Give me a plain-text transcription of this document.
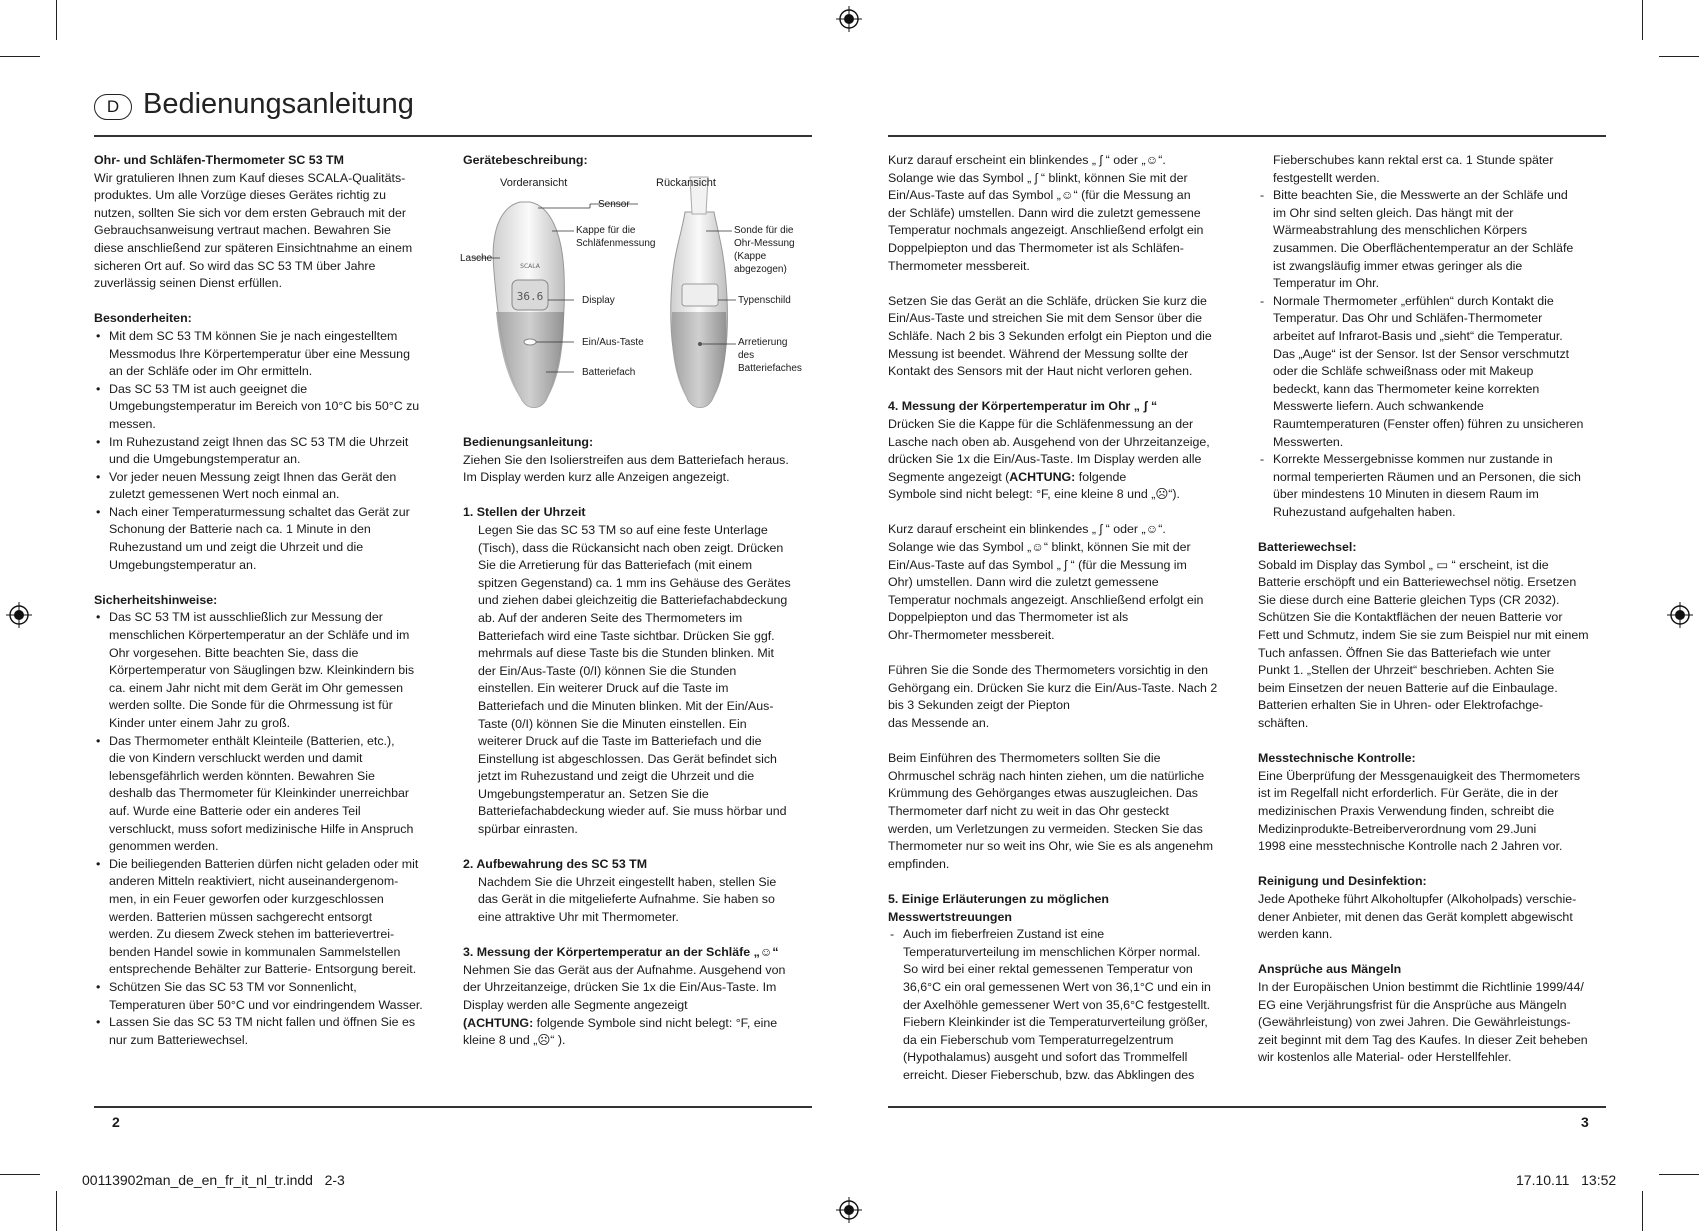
D Bedienungsanleitung

Ohr- und Schläfen-Thermometer SC 53 TM

Wir gratulieren Ihnen zum Kauf dieses SCALA-Qualitäts-

produktes. Um alle Vorzüge dieses Gerätes richtig zu

nutzen, sollten Sie sich vor dem ersten Gebrauch mit der

Gebrauchsanweisung vertraut machen. Bewahren Sie

diese anschließend zur späteren Einsichtnahme an einem

sicheren Ort auf. So wird das SC 53 TM über Jahre

zuverlässig seinen Dienst erfüllen.

Besonderheiten:

• Mit dem SC 53 TM können Sie je nach eingestelltem

Messmodus Ihre Körpertemperatur über eine Messung

an der Schläfe oder im Ohr ermitteln.

• Das SC 53 TM ist auch geeignet die

Umgebungstemperatur im Bereich von 10°C bis 50°C zu

messen.

• Im Ruhezustand zeigt Ihnen das SC 53 TM die Uhrzeit

und die Umgebungstemperatur an.

• Vor jeder neuen Messung zeigt Ihnen das Gerät den

zuletzt gemessenen Wert noch einmal an.

• Nach einer Temperaturmessung schaltet das Gerät zur

Schonung der Batterie nach ca. 1 Minute in den

Ruhezustand um und zeigt die Uhrzeit und die

Umgebungstemperatur an.

Sicherheitshinweise:

• Das SC 53 TM ist ausschließlich zur Messung der

menschlichen Körpertemperatur an der Schläfe und im

Ohr vorgesehen. Bitte beachten Sie, dass die

Körpertemperatur von Säuglingen bzw. Kleinkindern bis

ca. einem Jahr nicht mit dem Gerät im Ohr gemessen

werden sollte. Die Sonde für die Ohrmessung ist für

Kinder unter einem Jahr zu groß.

• Das Thermometer enthält Kleinteile (Batterien, etc.),

die von Kindern verschluckt werden und damit

lebensgefährlich werden könnten. Bewahren Sie

deshalb das Thermometer für Kleinkinder unerreichbar

auf. Wurde eine Batterie oder ein anderes Teil

verschluckt, muss sofort medizinische Hilfe in Anspruch

genommen werden.

• Die beiliegenden Batterien dürfen nicht geladen oder mit

anderen Mitteln reaktiviert, nicht auseinandergenom-

men, in ein Feuer geworfen oder kurzgeschlossen

werden. Batterien müssen sachgerecht entsorgt

werden. Zu diesem Zweck stehen im batterievertrei-

benden Handel sowie in kommunalen Sammelstellen

entsprechende Behälter zur Batterie- Entsorgung bereit.

• Schützen Sie das SC 53 TM vor Sonnenlicht,

Temperaturen über 50°C und vor eindringendem Wasser.

• Lassen Sie das SC 53 TM nicht fallen und öffnen Sie es

nur zum Batteriewechsel.

Gerätebeschreibung:

36.6
SCALA
Vorderansicht	Rückansicht
Sensor
Kappe für die
Schläfenmessung
Lasche
Display
Ein/Aus-Taste
Batteriefach
Sonde für die
Ohr-Messung
(Kappe
abgezogen)
Typenschild
Arretierung
des
Batteriefaches

Bedienungsanleitung:

Ziehen Sie den Isolierstreifen aus dem Batteriefach heraus.

Im Display werden kurz alle Anzeigen angezeigt.

1. Stellen der Uhrzeit

Legen Sie das SC 53 TM so auf eine feste Unterlage

(Tisch), dass die Rückansicht nach oben zeigt. Drücken

Sie die Arretierung für das Batteriefach (mit einem

spitzen Gegenstand) ca. 1 mm ins Gehäuse des Gerätes

und ziehen dabei gleichzeitig die Batteriefachabdeckung

ab. Auf der anderen Seite des Thermometers im

Batteriefach wird eine Taste sichtbar. Drücken Sie ggf.

mehrmals auf diese Taste bis die Stunden blinken. Mit

der Ein/Aus-Taste (0/I) können Sie die Stunden

einstellen. Ein weiterer Druck auf die Taste im

Batteriefach und die Minuten blinken. Mit der Ein/Aus-

Taste (0/I) können Sie die Minuten einstellen. Ein

weiterer Druck auf die Taste im Batteriefach und die

Einstellung ist abgeschlossen. Das Gerät befindet sich

jetzt im Ruhezustand und zeigt die Uhrzeit und die

Umgebungstemperatur an. Setzen Sie die

Batteriefachabdeckung wieder auf. Sie muss hörbar und

spürbar einrasten.

2. Aufbewahrung des SC 53 TM

Nachdem Sie die Uhrzeit eingestellt haben, stellen Sie

das Gerät in die mitgelieferte Aufnahme. Sie haben so

eine attraktive Uhr mit Thermometer.

3. Messung der Körpertemperatur an der Schläfe „☺“

Nehmen Sie das Gerät aus der Aufnahme. Ausgehend von

der Uhrzeitanzeige, drücken Sie 1x die Ein/Aus-Taste. Im

Display werden alle Segmente angezeigt

(ACHTUNG: folgende Symbole sind nicht belegt: °F, eine

kleine 8 und „☹“ ).

Kurz darauf erscheint ein blinkendes „ ʃ “ oder „☺“.

Solange wie das Symbol „ ʃ “ blinkt, können Sie mit der

Ein/Aus-Taste auf das Symbol „☺“ (für die Messung an

der Schläfe) umstellen. Dann wird die zuletzt gemessene

Temperatur nochmals angezeigt. Anschließend erfolgt ein

Doppelpiepton und das Thermometer ist als Schläfen-

Thermometer messbereit.

Setzen Sie das Gerät an die Schläfe, drücken Sie kurz die

Ein/Aus-Taste und streichen Sie mit dem Sensor über die

Schläfe. Nach 2 bis 3 Sekunden erfolgt ein Piepton und die

Messung ist beendet. Während der Messung sollte der

Kontakt des Sensors mit der Haut nicht verloren gehen.

4. Messung der Körpertemperatur im Ohr „ ʃ “

Drücken Sie die Kappe für die Schläfenmessung an der

Lasche nach oben ab. Ausgehend von der Uhrzeitanzeige,

drücken Sie 1x die Ein/Aus-Taste. Im Display werden alle

Segmente angezeigt (ACHTUNG: folgende

Symbole sind nicht belegt: °F, eine kleine 8 und „☹“).

Kurz darauf erscheint ein blinkendes „ ʃ “ oder „☺“.

Solange wie das Symbol „☺“ blinkt, können Sie mit der

Ein/Aus-Taste auf das Symbol „ ʃ “ (für die Messung im

Ohr) umstellen. Dann wird die zuletzt gemessene

Temperatur nochmals angezeigt. Anschließend erfolgt ein

Doppelpiepton und das Thermometer ist als

Ohr-Thermometer messbereit.

Führen Sie die Sonde des Thermometers vorsichtig in den

Gehörgang ein. Drücken Sie kurz die Ein/Aus-Taste. Nach 2

bis 3 Sekunden zeigt der Piepton

das Messende an.

Beim Einführen des Thermometers sollten Sie die

Ohrmuschel schräg nach hinten ziehen, um die natürliche

Krümmung des Gehörganges etwas auszugleichen. Das

Thermometer darf nicht zu weit in das Ohr gesteckt

werden, um Verletzungen zu vermeiden. Stecken Sie das

Thermometer nur so weit ins Ohr, wie Sie es als angenehm

empfinden.

5. Einige Erläuterungen zu möglichen

Messwertstreuungen

- Auch im fieberfreien Zustand ist eine

Temperaturverteilung im menschlichen Körper normal.

So wird bei einer rektal gemessenen Temperatur von

36,6°C ein oral gemessenen Wert von 36,1°C und ein in

der Axelhöhle gemessener Wert von 35,6°C festgestellt.

Fiebern Kleinkinder ist die Temperaturverteilung größer,

da ein Fieberschub vom Temperaturregelzentrum

(Hypothalamus) ausgeht und sofort das Trommelfell

erreicht. Dieser Fieberschub, bzw. das Abklingen des

Fieberschubes kann rektal erst ca. 1 Stunde später

festgestellt werden.

- Bitte beachten Sie, die Messwerte an der Schläfe und

im Ohr sind selten gleich. Das hängt mit der

Wärmeabstrahlung des menschlichen Körpers

zusammen. Die Oberflächentemperatur an der Schläfe

ist zwangsläufig immer etwas geringer als die

Temperatur im Ohr.

- Normale Thermometer „erfühlen“ durch Kontakt die

Temperatur. Das Ohr und Schläfen-Thermometer

arbeitet auf Infrarot-Basis und „sieht“ die Temperatur.

Das „Auge“ ist der Sensor. Ist der Sensor verschmutzt

oder die Schläfe schweißnass oder mit Makeup

bedeckt, kann das Thermometer keine korrekten

Messwerte liefern. Auch schwankende

Raumtemperaturen (Fenster offen) führen zu unsicheren

Messwerten.

- Korrekte Messergebnisse kommen nur zustande in

normal temperierten Räumen und an Personen, die sich

über mindestens 10 Minuten in diesem Raum im

Ruhezustand aufgehalten haben.

Batteriewechsel:

Sobald im Display das Symbol „ ▭ “ erscheint, ist die

Batterie erschöpft und ein Batteriewechsel nötig. Ersetzen

Sie diese durch eine Batterie gleichen Typs (CR 2032).

Schützen Sie die Kontaktflächen der neuen Batterie vor

Fett und Schmutz, indem Sie sie zum Beispiel nur mit einem

Tuch anfassen. Öffnen Sie das Batteriefach wie unter

Punkt 1. „Stellen der Uhrzeit“ beschrieben. Achten Sie

beim Einsetzen der neuen Batterie auf die Einbaulage.

Batterien erhalten Sie in Uhren- oder Elektrofachge-

schäften.

Messtechnische Kontrolle:

Eine Überprüfung der Messgenauigkeit des Thermometers

ist im Regelfall nicht erforderlich. Für Geräte, die in der

medizinischen Praxis Verwendung finden, schreibt die

Medizinprodukte-Betreiberverordnung vom 29.Juni

1998 eine messtechnische Kontrolle nach 2 Jahren vor.

Reinigung und Desinfektion:

Jede Apotheke führt Alkoholtupfer (Alkoholpads) verschie-

dener Anbieter, mit denen das Gerät komplett abgewischt

werden kann.

Ansprüche aus Mängeln

In der Europäischen Union bestimmt die Richtlinie 1999/44/

EG eine Verjährungsfrist für die Ansprüche aus Mängeln

(Gewährleistung) von zwei Jahren. Die Gewährleistungs-

zeit beginnt mit dem Tag des Kaufes. In dieser Zeit beheben

wir kostenlos alle Material- oder Herstellfehler.

2	3
00113902man_de_en_fr_it_nl_tr.indd   2-3	17.10.11 13:52
